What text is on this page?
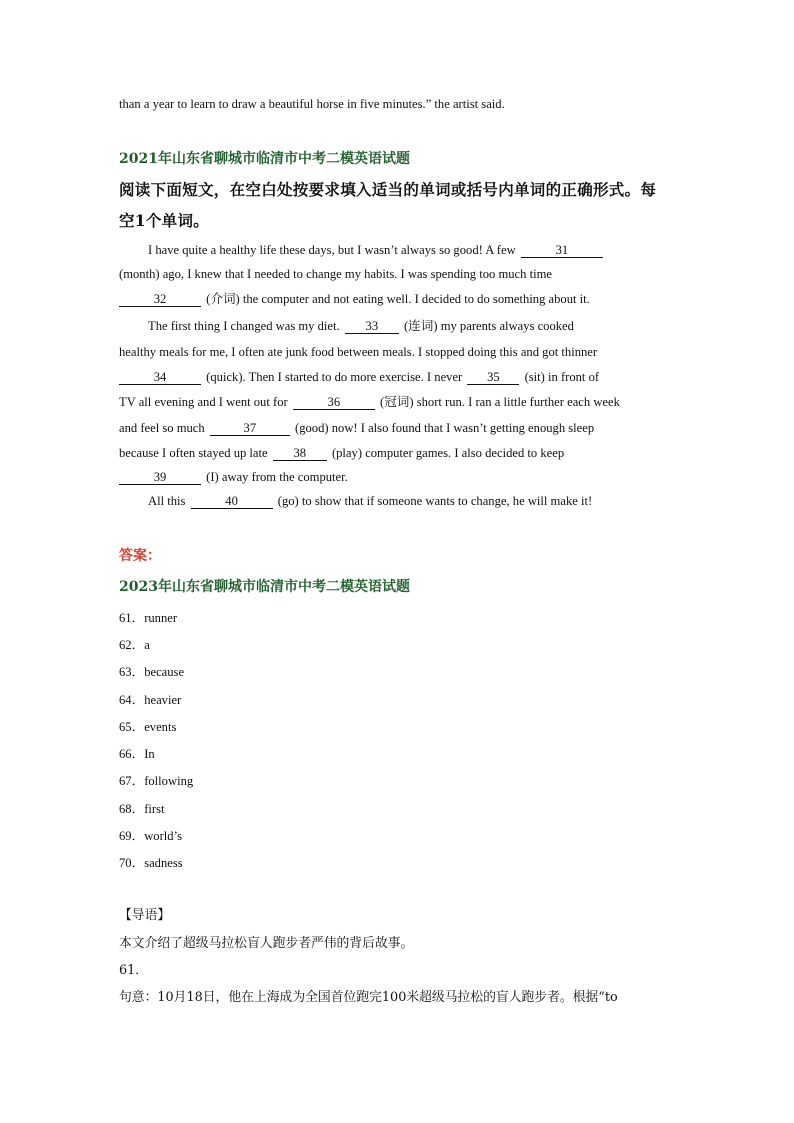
than a year to learn to draw a beautiful horse in five minutes.” the artist said.
2021年山东省聊城市临清市中考二模英语试题
阅读下面短文，在空白处按要求填入适当的单词或括号内单词的正确形式。每
空1个单词。
I have quite a healthy life these days, but I wasn’t always so good! A few	31
(month) ago, I knew that I needed to change my habits. I was spending too much time
32	(介词) the computer and not eating well. I decided to do something about it.
The first thing I changed was my diet. 33 (连词) my parents always cooked
healthy meals for me, I often ate junk food between meals. I stopped doing this and got thinner
34	(quick). Then I started to do more exercise. I never 35 (sit) in front of
TV all evening and I went out for	36	(冠词) short run. I ran a little further each week
and feel so much	37	(good) now! I also found that I wasn’t getting enough sleep
because I often stayed up late 38 (play) computer games. I also decided to keep
39	(I) away from the computer.
All this	40	(go) to show that if someone wants to change, he will make it!
答案：
2023年山东省聊城市临清市中考二模英语试题
61．runner
62．a
63．because
64．heavier
65．events
66．In
67．following
68．first
69．world’s
70．sadness
【导语】
本文介绍了超级马拉松盲人跑步者严伟的背后故事。
61．
句意：10月18日，他在上海成为全国首位跑完100米超级马拉松的盲人跑步者。根据“to
